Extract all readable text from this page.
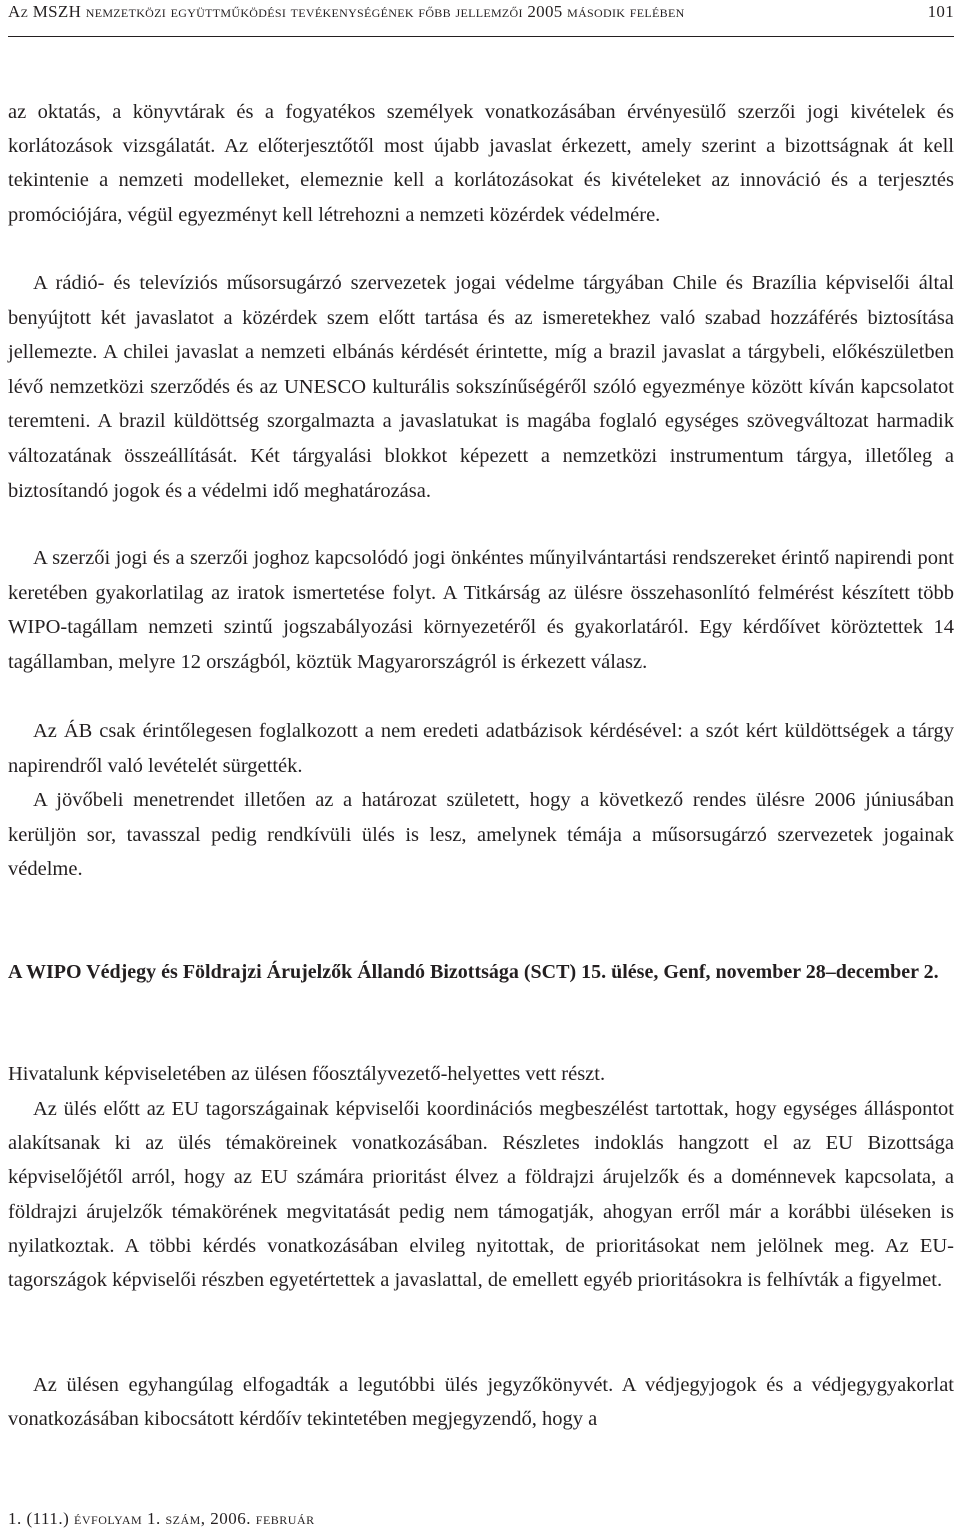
Az MSZH nemzetközi együttműködési tevékenységének főbb jellemzői 2005 második felében	101

az oktatás, a könyvtárak és a fogyatékos személyek vonatkozásában érvényesülő szerzői jogi kivételek és korlátozások vizsgálatát. Az előterjesztőtől most újabb javaslat érkezett, amely szerint a bizottságnak át kell tekintenie a nemzeti modelleket, elemeznie kell a korlátozásokat és kivételeket az innováció és a terjesztés promóciójára, végül egyezményt kell létrehozni a nemzeti közérdek védelmére.

A rádió- és televíziós műsorsugárzó szervezetek jogai védelme tárgyában Chile és Brazília képviselői által benyújtott két javaslatot a közérdek szem előtt tartása és az ismeretekhez való szabad hozzáférés biztosítása jellemezte. A chilei javaslat a nemzeti elbánás kérdését érintette, míg a brazil javaslat a tárgybeli, előkészületben lévő nemzetközi szerződés és az UNESCO kulturális sokszínűségéről szóló egyezménye között kíván kapcsolatot teremteni. A brazil küldöttség szorgalmazta a javaslatukat is magába foglaló egységes szövegváltozat harmadik változatának összeállítását. Két tárgyalási blokkot képezett a nemzetközi instrumentum tárgya, illetőleg a biztosítandó jogok és a védelmi idő meghatározása.

A szerzői jogi és a szerzői joghoz kapcsolódó jogi önkéntes műnyilvántartási rendszereket érintő napirendi pont keretében gyakorlatilag az iratok ismertetése folyt. A Titkárság az ülésre összehasonlító felmérést készített több WIPO-tagállam nemzeti szintű jogszabályozási környezetéről és gyakorlatáról. Egy kérdőívet köröztettek 14 tagállamban, melyre 12 országból, köztük Magyarországról is érkezett válasz.

Az ÁB csak érintőlegesen foglalkozott a nem eredeti adatbázisok kérdésével: a szót kért küldöttségek a tárgy napirendről való levételét sürgették.

A jövőbeli menetrendet illetően az a határozat született, hogy a következő rendes ülésre 2006 júniusában kerüljön sor, tavasszal pedig rendkívüli ülés is lesz, amelynek témája a műsorsugárzó szervezetek jogainak védelme.

A WIPO Védjegy és Földrajzi Árujelzők Állandó Bizottsága (SCT) 15. ülése, Genf, november 28–december 2.

Hivatalunk képviseletében az ülésen főosztályvezető-helyettes vett részt.

Az ülés előtt az EU tagországainak képviselői koordinációs megbeszélést tartottak, hogy egységes álláspontot alakítsanak ki az ülés témaköreinek vonatkozásában. Részletes indoklás hangzott el az EU Bizottsága képviselőjétől arról, hogy az EU számára prioritást élvez a földrajzi árujelzők és a doménnevek kapcsolata, a földrajzi árujelzők témakörének megvitatását pedig nem támogatják, ahogyan erről már a korábbi üléseken is nyilatkoztak. A többi kérdés vonatkozásában elvileg nyitottak, de prioritásokat nem jelölnek meg. Az EU-tagországok képviselői részben egyetértettek a javaslattal, de emellett egyéb prioritásokra is felhívták a figyelmet.

Az ülésen egyhangúlag elfogadták a legutóbbi ülés jegyzőkönyvét. A védjegyjogok és a védjegygyakorlat vonatkozásában kibocsátott kérdőív tekintetében megjegyzendő, hogy a

1. (111.) évfolyam 1. szám, 2006. február
